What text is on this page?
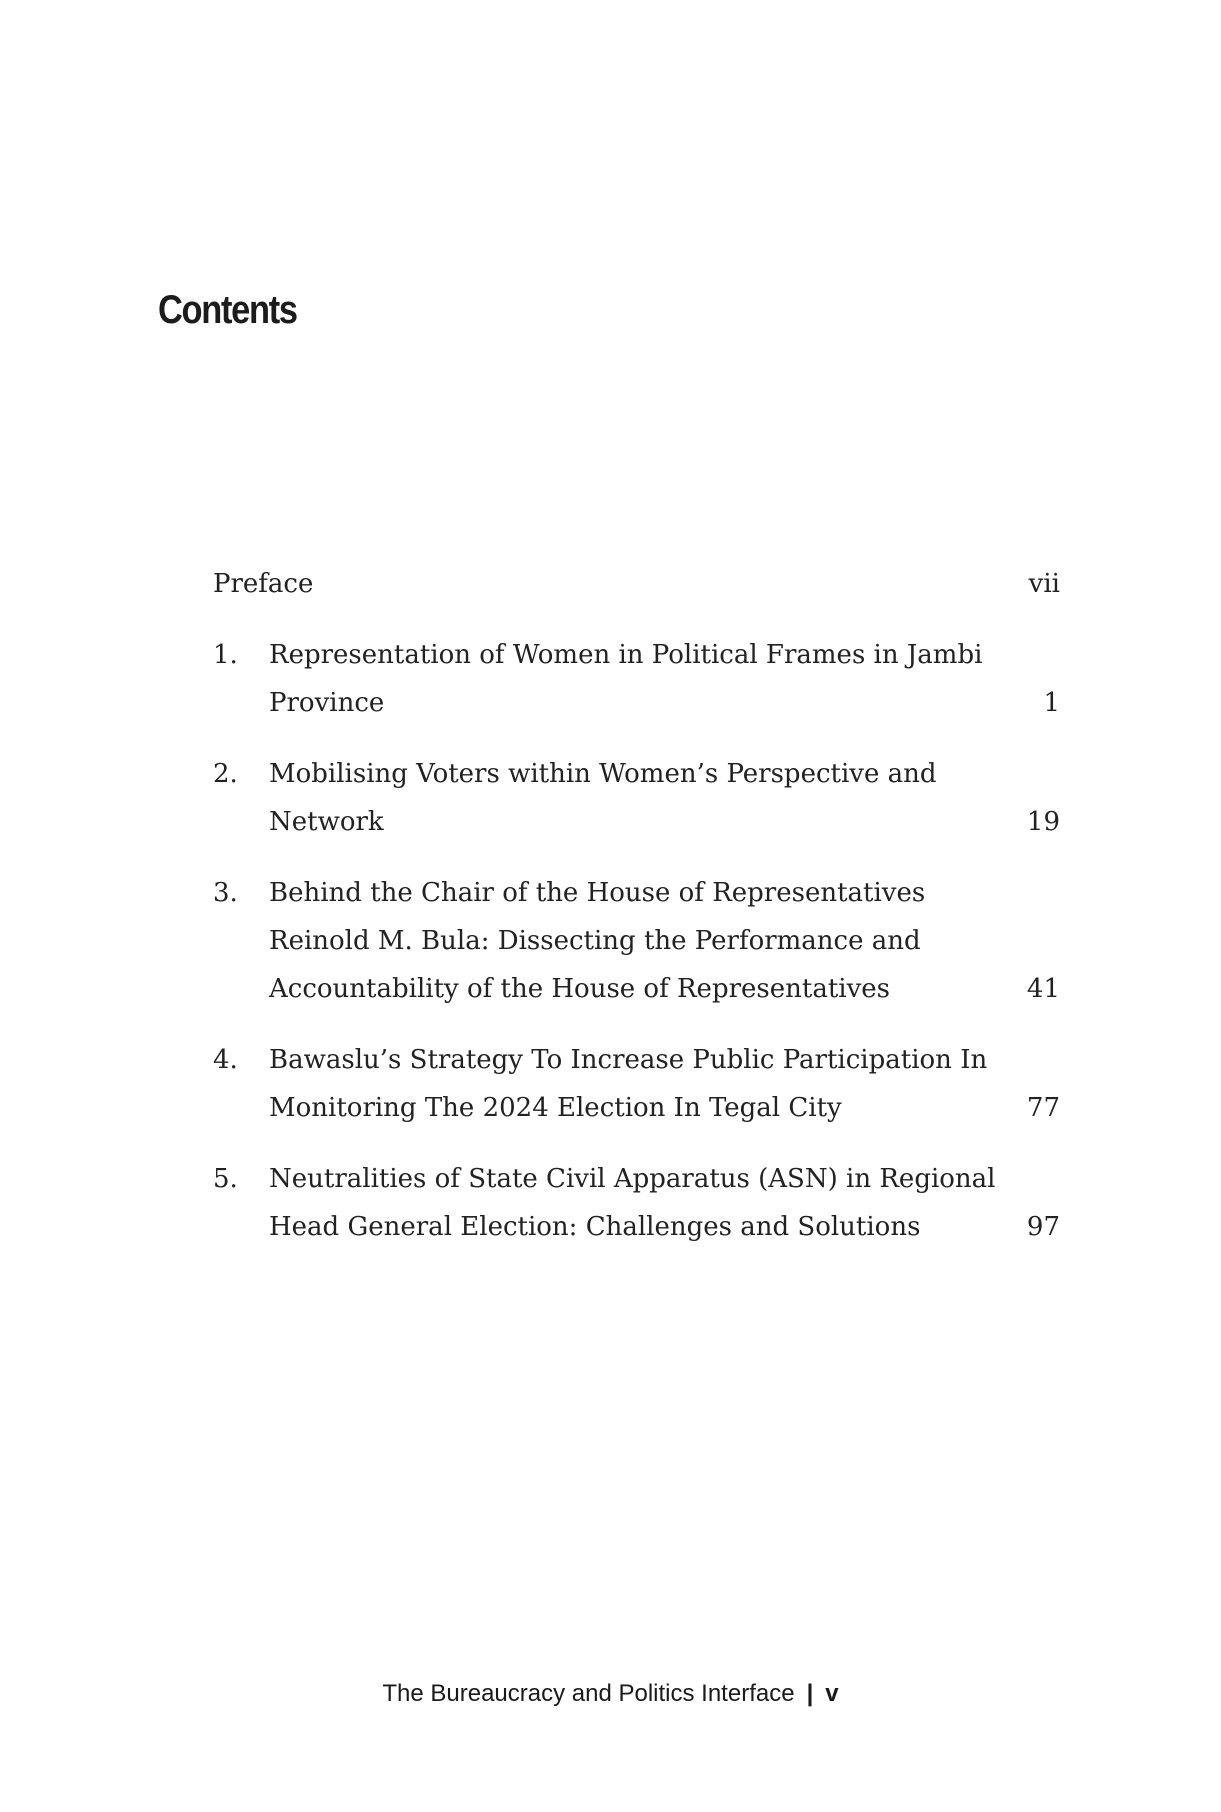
Contents
Preface	vii
1.	Representation of Women in Political Frames in Jambi
Province	1
2.	Mobilising Voters within Women’s Perspective and
Network	19
3.	Behind the Chair of the House of Representatives
Reinold M. Bula: Dissecting the Performance and
Accountability of the House of Representatives	41
4.	Bawaslu’s Strategy To Increase Public Participation In
Monitoring The 2024 Election In Tegal City	77
5.	Neutralities of State Civil Apparatus (ASN) in Regional
Head General Election: Challenges and Solutions	97
The Bureaucracy and Politics Interface | v
